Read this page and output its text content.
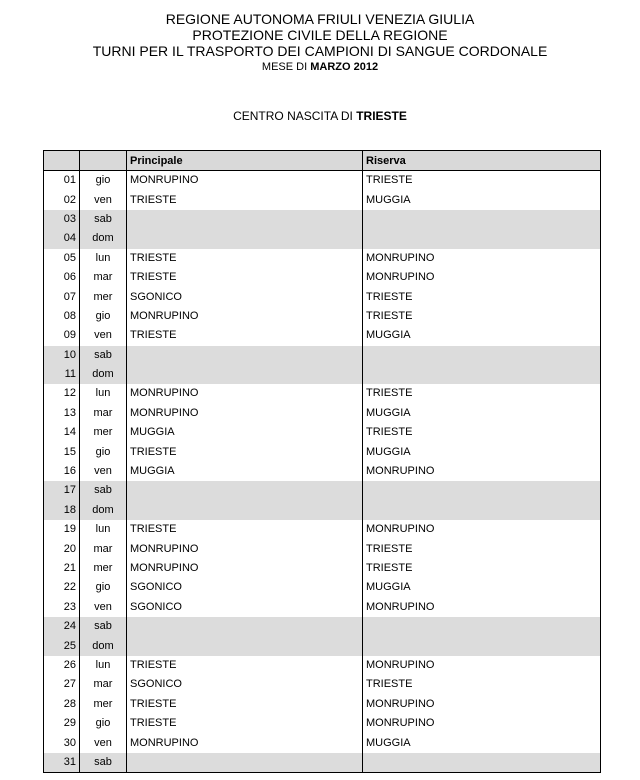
REGIONE AUTONOMA FRIULI VENEZIA GIULIA
PROTEZIONE CIVILE DELLA REGIONE
TURNI PER IL TRASPORTO DEI CAMPIONI DI SANGUE CORDONALE
MESE DI MARZO 2012
CENTRO NASCITA DI TRIESTE
		Principale	Riserva
01	gio	MONRUPINO	TRIESTE
02	ven	TRIESTE	MUGGIA
03	sab		
04	dom		
05	lun	TRIESTE	MONRUPINO
06	mar	TRIESTE	MONRUPINO
07	mer	SGONICO	TRIESTE
08	gio	MONRUPINO	TRIESTE
09	ven	TRIESTE	MUGGIA
10	sab		
11	dom		
12	lun	MONRUPINO	TRIESTE
13	mar	MONRUPINO	MUGGIA
14	mer	MUGGIA	TRIESTE
15	gio	TRIESTE	MUGGIA
16	ven	MUGGIA	MONRUPINO
17	sab		
18	dom		
19	lun	TRIESTE	MONRUPINO
20	mar	MONRUPINO	TRIESTE
21	mer	MONRUPINO	TRIESTE
22	gio	SGONICO	MUGGIA
23	ven	SGONICO	MONRUPINO
24	sab		
25	dom		
26	lun	TRIESTE	MONRUPINO
27	mar	SGONICO	TRIESTE
28	mer	TRIESTE	MONRUPINO
29	gio	TRIESTE	MONRUPINO
30	ven	MONRUPINO	MUGGIA
31	sab		
